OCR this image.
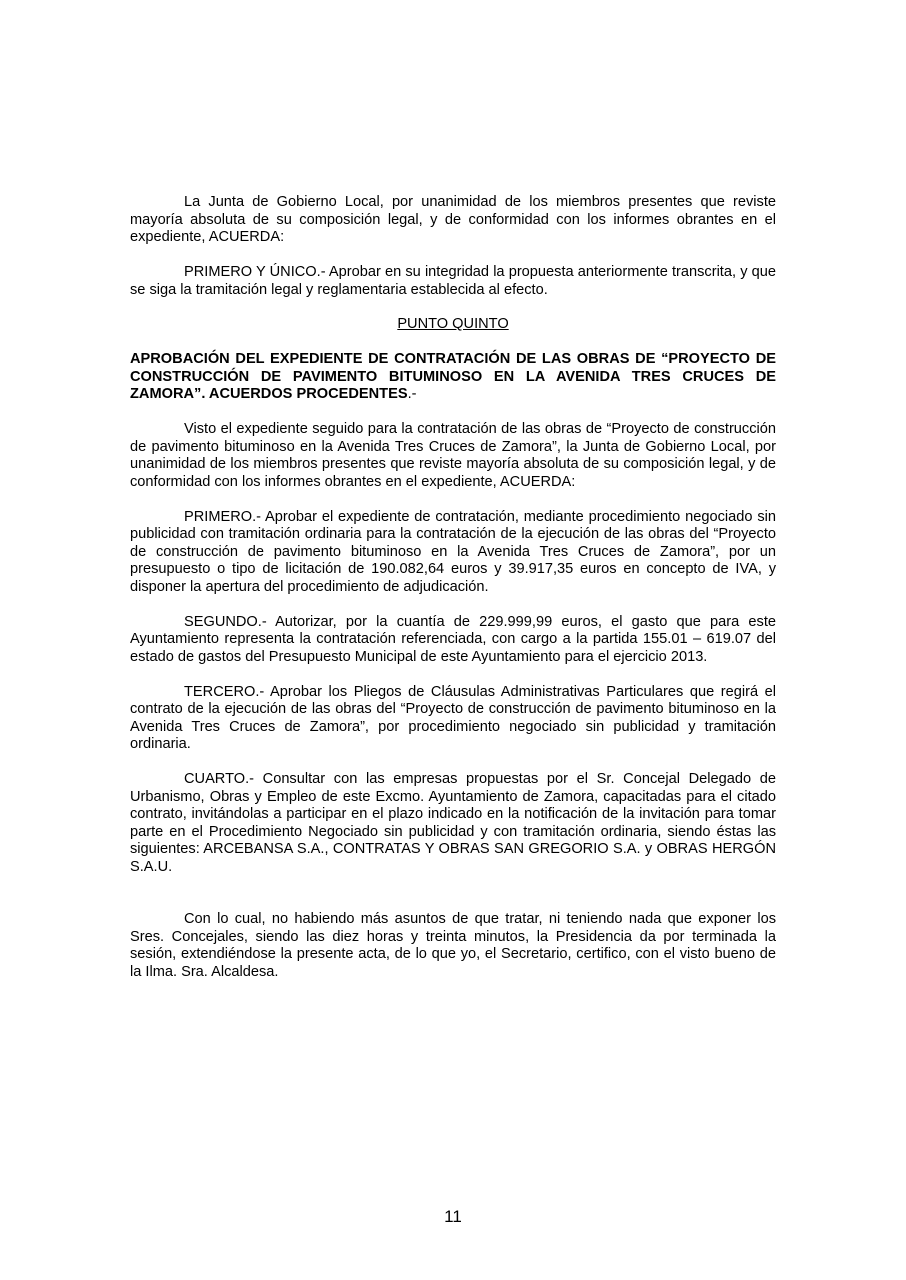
La Junta de Gobierno Local, por unanimidad de los miembros presentes que reviste mayoría absoluta de su composición legal, y de conformidad con los informes obrantes en el expediente, ACUERDA:

PRIMERO Y ÚNICO.- Aprobar en su integridad la propuesta anteriormente transcrita, y que se siga la tramitación legal y reglamentaria establecida al efecto.

PUNTO QUINTO

APROBACIÓN DEL EXPEDIENTE DE CONTRATACIÓN DE LAS OBRAS DE “PROYECTO DE CONSTRUCCIÓN DE PAVIMENTO BITUMINOSO EN LA AVENIDA TRES CRUCES DE ZAMORA”. ACUERDOS PROCEDENTES.-

Visto el expediente seguido para la contratación de las obras de “Proyecto de construcción de pavimento bituminoso en la Avenida Tres Cruces de Zamora”, la Junta de Gobierno Local, por unanimidad de los miembros presentes que reviste mayoría absoluta de su composición legal, y de conformidad con los informes obrantes en el expediente, ACUERDA:

PRIMERO.- Aprobar el expediente de contratación, mediante procedimiento negociado sin publicidad con tramitación ordinaria para la contratación de la ejecución de las obras del “Proyecto de construcción de pavimento bituminoso en la Avenida Tres Cruces de Zamora”, por un presupuesto o tipo de licitación de 190.082,64 euros y 39.917,35 euros en concepto de IVA, y disponer la apertura del procedimiento de adjudicación.

SEGUNDO.- Autorizar, por la cuantía de 229.999,99 euros, el gasto que para este Ayuntamiento representa la contratación referenciada, con cargo a la partida 155.01 – 619.07 del estado de gastos del Presupuesto Municipal de este Ayuntamiento para el ejercicio 2013.

TERCERO.- Aprobar los Pliegos de Cláusulas Administrativas Particulares que regirá el contrato de la ejecución de las obras del “Proyecto de construcción de pavimento bituminoso en la Avenida Tres Cruces de Zamora”, por procedimiento negociado sin publicidad y tramitación ordinaria.

CUARTO.- Consultar con las empresas propuestas por el Sr. Concejal Delegado de Urbanismo, Obras y Empleo de este Excmo. Ayuntamiento de Zamora, capacitadas para el citado contrato, invitándolas a participar en el plazo indicado en la notificación de la invitación para tomar parte en el Procedimiento Negociado sin publicidad y con tramitación ordinaria, siendo éstas las siguientes: ARCEBANSA S.A., CONTRATAS Y OBRAS SAN GREGORIO S.A. y OBRAS HERGÓN S.A.U.

Con lo cual, no habiendo más asuntos de que tratar, ni teniendo nada que exponer los Sres. Concejales, siendo las diez horas y treinta minutos, la Presidencia da por terminada la sesión, extendiéndose la presente acta, de lo que yo, el Secretario, certifico, con el visto bueno de la Ilma. Sra. Alcaldesa.

11
